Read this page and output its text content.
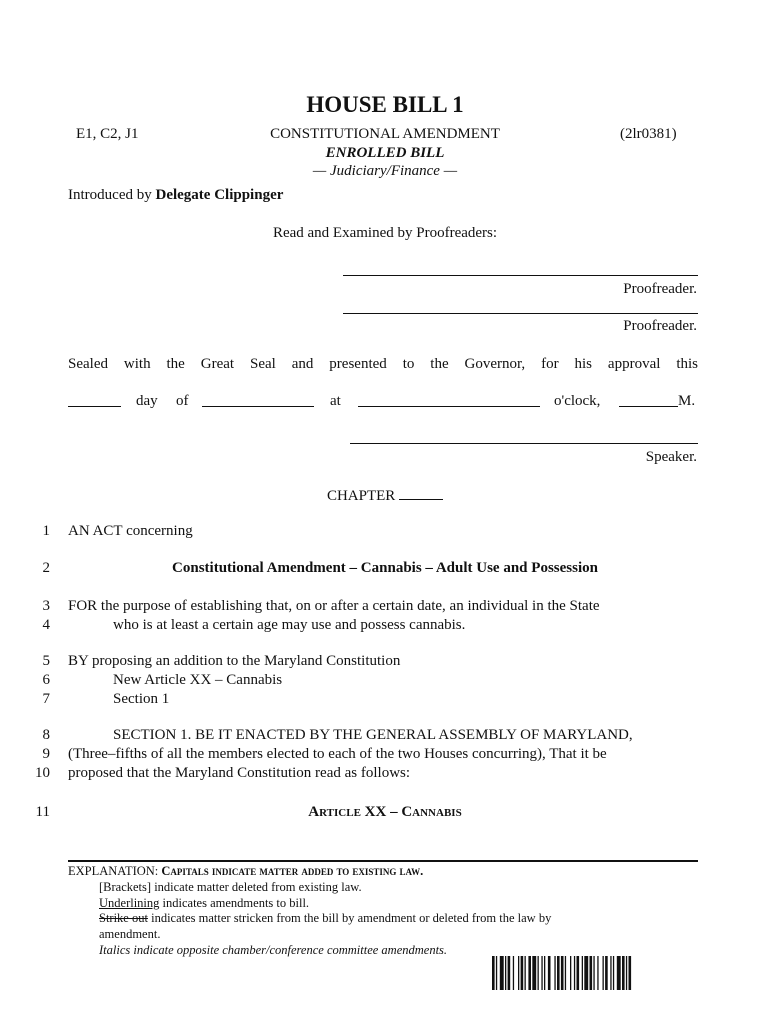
HOUSE BILL 1
E1, C2, J1	CONSTITUTIONAL AMENDMENT	(2lr0381)
ENROLLED BILL
— Judiciary/Finance —
Introduced by Delegate Clippinger
Read and Examined by Proofreaders:
Proofreader.
Proofreader.
Sealed with the Great Seal and presented to the Governor, for his approval this
day of	at	o'clock,	M.
Speaker.
CHAPTER
1
2
3
4
5
6
7
8
9
10
11
AN ACT concerning
Constitutional Amendment – Cannabis – Adult Use and Possession
FOR the purpose of establishing that, on or after a certain date, an individual in the State
who is at least a certain age may use and possess cannabis.
BY proposing an addition to the Maryland Constitution
New Article XX – Cannabis
Section 1
SECTION 1. BE IT ENACTED BY THE GENERAL ASSEMBLY OF MARYLAND,
(Three–fifths of all the members elected to each of the two Houses concurring), That it be
proposed that the Maryland Constitution read as follows:
Article XX – Cannabis
EXPLANATION: Capitals indicate matter added to existing law.
[Brackets] indicate matter deleted from existing law.
Underlining indicates amendments to bill.
Strike out indicates matter stricken from the bill by amendment or deleted from the law by
amendment.
Italics indicate opposite chamber/conference committee amendments.
